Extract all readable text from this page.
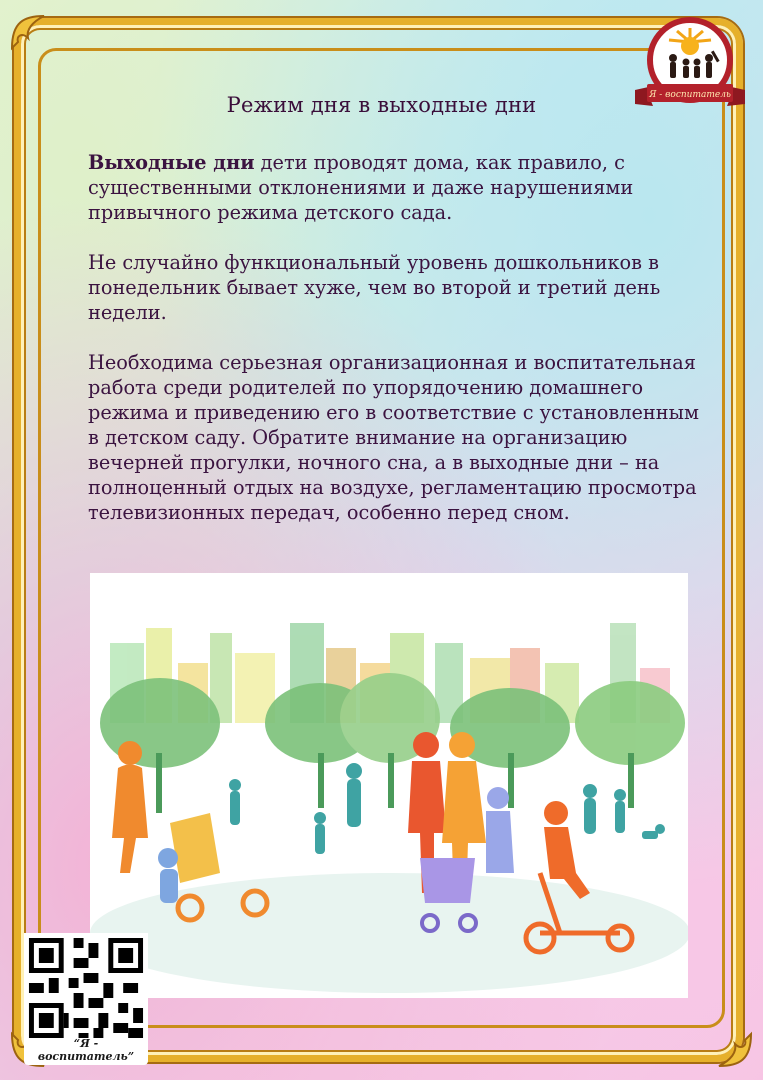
Я - воспитатель
Режим дня в выходные дни
Выходные дни дети проводят дома, как правило, с существенными отклонениями и даже нарушениями привычного режима детского сада.
Не случайно функциональный уровень дошкольников в понедельник бывает хуже, чем во второй и третий день недели.
Необходима серьезная организационная и воспитательная работа среди родителей по упорядочению домашнего режима и приведению его в соответствие с установленным в детском саду. Обратите внимание на организацию вечерней прогулки, ночного сна, а в выходные дни – на полноценный отдых на воздухе, регламентацию просмотра телевизионных передач, особенно перед сном.
“Я - воспитатель”
